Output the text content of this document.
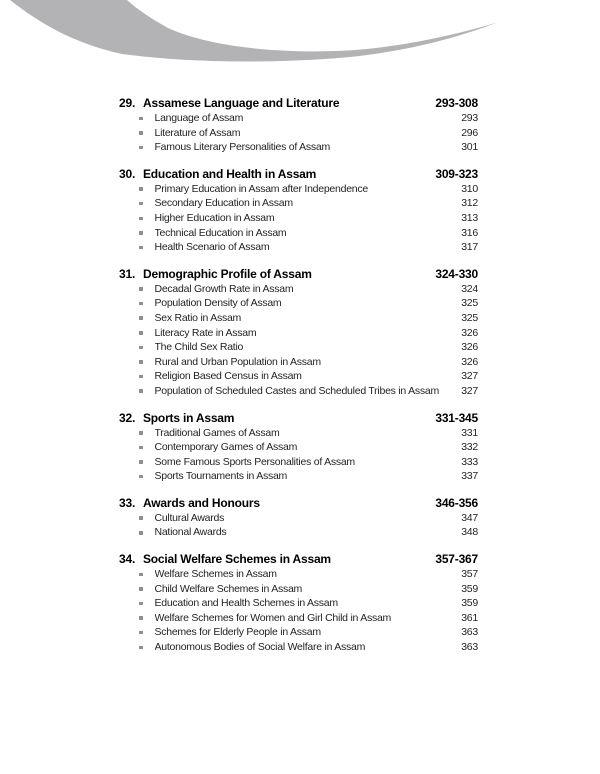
29. Assamese Language and Literature	293-308
Language of Assam	293
Literature of Assam	296
Famous Literary Personalities of Assam	301
30. Education and Health in Assam	309-323
Primary Education in Assam after Independence	310
Secondary Education in Assam	312
Higher Education in Assam	313
Technical Education in Assam	316
Health Scenario of Assam	317
31. Demographic Profile of Assam	324-330
Decadal Growth Rate in Assam	324
Population Density of Assam	325
Sex Ratio in Assam	325
Literacy Rate in Assam	326
The Child Sex Ratio	326
Rural and Urban Population in Assam	326
Religion Based Census in Assam	327
Population of Scheduled Castes and Scheduled Tribes in Assam	327
32. Sports in Assam	331-345
Traditional Games of Assam	331
Contemporary Games of Assam	332
Some Famous Sports Personalities of Assam	333
Sports Tournaments in Assam	337
33. Awards and Honours	346-356
Cultural Awards	347
National Awards	348
34. Social Welfare Schemes in Assam	357-367
Welfare Schemes in Assam	357
Child Welfare Schemes in Assam	359
Education and Health Schemes in Assam	359
Welfare Schemes for Women and Girl Child in Assam	361
Schemes for Elderly People in Assam	363
Autonomous Bodies of Social Welfare in Assam	363
